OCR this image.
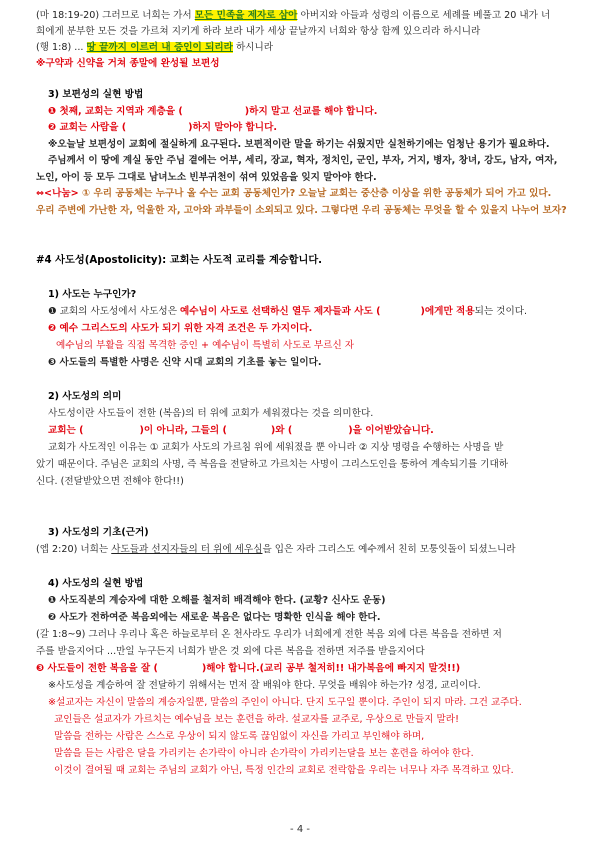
(마 18:19-20) 그러므로 너희는 가서 모든 민족을 제자로 삼아 아버지와 아들과 성령의 이름으로 세례를 베풀고 20 내가 너
희에게 분부한 모든 것을 가르쳐 지키게 하라 보라 내가 세상 끝날까지 너희와 항상 함께 있으리라 하시니라
(행 1:8) ... 땅 끝까지 이르러 내 증인이 되리라 하시니라
※구약과 신약을 거쳐 종말에 완성될 보편성
3) 보편성의 실현 방법
❶ 첫째, 교회는 지역과 계층을 (	)하지 말고 선교를 해야 합니다.
❷ 교회는 사람을 (	)하지 말아야 합니다.
※오늘날 보편성이 교회에 절실하게 요구된다. 보편적이란 말을 하기는 쉬웠지만 실천하기에는 엄청난 용기가 필요하다.
주님께서 이 땅에 계실 동안 주님 곁에는 어부, 세리, 장교, 혁자, 정치인, 군인, 부자, 거지, 병자, 창녀, 강도, 남자, 여자,
노인, 아이 등 모두 그대로 남녀노소 빈부귀천이 섞여 있었음을 잊지 말아야 한다.
⇔<나눔> ① 우리 공동체는 누구나 올 수는 교회 공동체인가? 오늘날 교회는 중산층 이상을 위한 공동체가 되어 가고 있다.
우리 주변에 가난한 자, 억울한 자, 고아와 과부들이 소외되고 있다. 그렇다면 우리 공동체는 무엇을 할 수 있을지 나누어 보자?
#4 사도성(Apostolicity): 교회는 사도적 교리를 계승합니다.
1) 사도는 누구인가?
❶ 교회의 사도성에서 사도성은 예수님이 사도로 선택하신 열두 제자들과 사도 (	)에게만 적용되는 것이다.
❷ 예수 그리스도의 사도가 되기 위한 자격 조건은 두 가지이다.
예수님의 부활을 직접 목격한 증인 + 예수님이 특별히 사도로 부르신 자
❸ 사도들의 특별한 사명은 신약 시대 교회의 기초를 놓는 일이다.
2) 사도성의 의미
사도성이란 사도들이 전한 (복음)의 터 위에 교회가 세워졌다는 것을 의미한다.
교회는 (	)이 아니라, 그들의 (	)와 (	)을 이어받았습니다.
교회가 사도적인 이유는 ① 교회가 사도의 가르침 위에 세워졌을 뿐 아니라 ② 지상 명령을 수행하는 사명을 받
았기 때문이다. 주님은 교회의 사명, 즉 복음을 전달하고 가르치는 사명이 그리스도인을 통하여 계속되기를 기대하
신다. (전달받았으면 전해야 한다!!)
3) 사도성의 기초(근거)
(엡 2:20) 너희는 사도들과 선지자들의 터 위에 세우심을 입은 자라 그리스도 예수께서 친히 모퉁잇돌이 되셨느니라
4) 사도성의 실현 방법
❶ 사도직분의 계승자에 대한 오해를 철저히 배격해야 한다. (교황? 신사도 운동)
❷ 사도가 전하여준 복음외에는 새로운 복음은 없다는 명확한 인식을 해야 한다.
(갈 1:8~9) 그러나 우리나 혹은 하늘로부터 온 천사라도 우리가 너희에게 전한 복음 외에 다른 복음을 전하면 저
주를 받을지어다 ...만일 누구든지 너희가 받은 것 외에 다른 복음을 전하면 저주를 받을지어다
❸ 사도들이 전한 복음을 잘 (	)해야 합니다.(교리 공부 철저히!! 내가복음에 빠지지 말것!!)
※사도성을 계승하여 잘 전달하기 위해서는 먼저 잘 배워야 한다. 무엇을 배워야 하는가? 성경, 교리이다.
※설교자는 자신이 말씀의 계승자일뿐, 말씀의 주인이 아니다. 단지 도구일 뿐이다. 주인이 되지 마라. 그건 교주다.
교인들은 설교자가 가르치는 예수님을 보는 훈련을 하라. 설교자를 교주로, 우상으로 만들지 말라!
말씀을 전하는 사람은 스스로 우상이 되지 않도록 끊임없이 자신을 가리고 부인해야 하며,
말씀을 듣는 사람은 달을 가리키는 손가락이 아니라 손가락이 가리키는달을 보는 훈련을 하여야 한다.
이것이 결여될 때 교회는 주님의 교회가 아닌, 특정 인간의 교회로 전락함을 우리는 너무나 자주 목격하고 있다.
- 4 -
